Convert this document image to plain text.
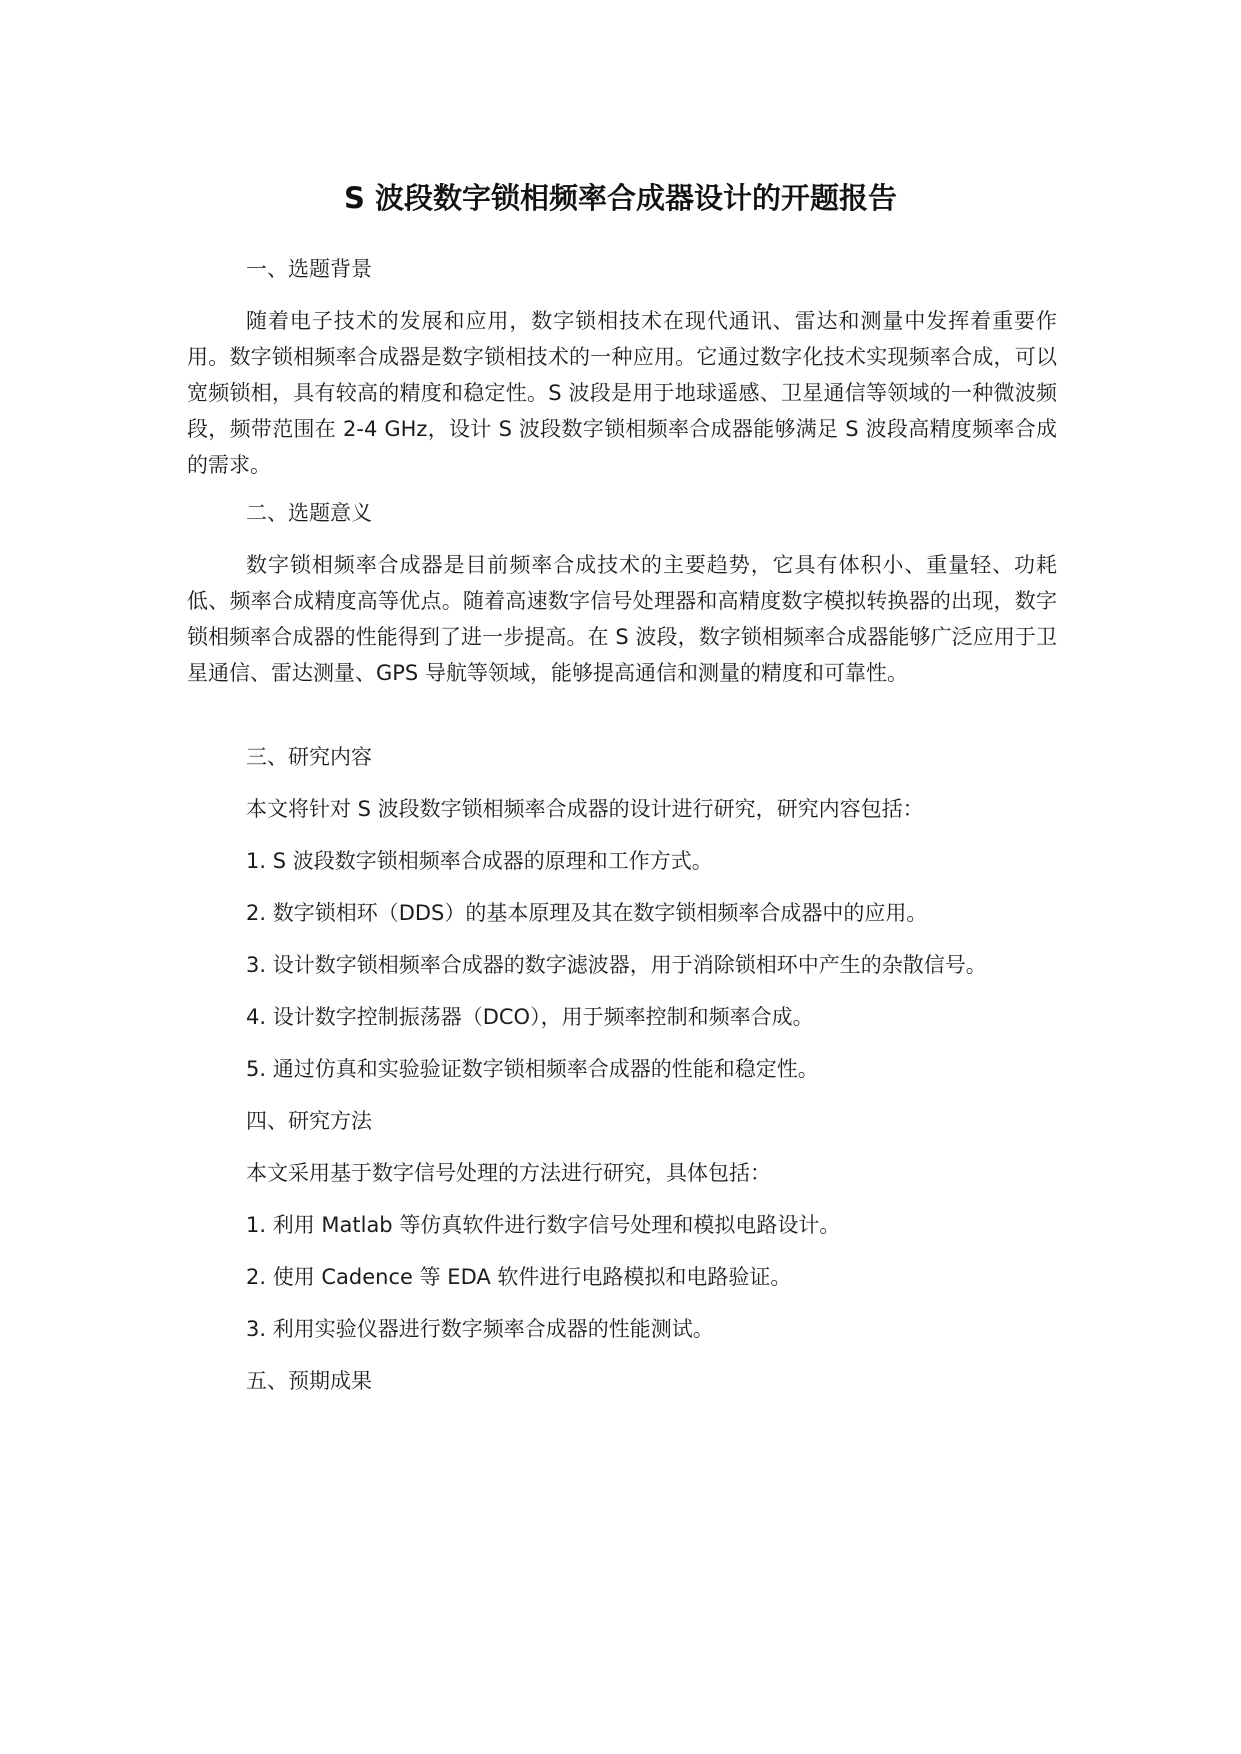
S 波段数字锁相频率合成器设计的开题报告
一、选题背景

随着电子技术的发展和应用，数字锁相技术在现代通讯、雷达和测量中发挥着重要作用。数字锁相频率合成器是数字锁相技术的一种应用。它通过数字化技术实现频率合成，可以宽频锁相，具有较高的精度和稳定性。S 波段是用于地球遥感、卫星通信等领域的一种微波频段，频带范围在 2-4 GHz，设计 S 波段数字锁相频率合成器能够满足 S 波段高精度频率合成的需求。

二、选题意义

数字锁相频率合成器是目前频率合成技术的主要趋势，它具有体积小、重量轻、功耗低、频率合成精度高等优点。随着高速数字信号处理器和高精度数字模拟转换器的出现，数字锁相频率合成器的性能得到了进一步提高。在 S 波段，数字锁相频率合成器能够广泛应用于卫星通信、雷达测量、GPS 导航等领域，能够提高通信和测量的精度和可靠性。

三、研究内容
本文将针对 S 波段数字锁相频率合成器的设计进行研究，研究内容包括：
1. S 波段数字锁相频率合成器的原理和工作方式。
2. 数字锁相环（DDS）的基本原理及其在数字锁相频率合成器中的应用。
3. 设计数字锁相频率合成器的数字滤波器，用于消除锁相环中产生的杂散信号。
4. 设计数字控制振荡器（DCO），用于频率控制和频率合成。
5. 通过仿真和实验验证数字锁相频率合成器的性能和稳定性。
四、研究方法
本文采用基于数字信号处理的方法进行研究，具体包括：
1. 利用 Matlab 等仿真软件进行数字信号处理和模拟电路设计。
2. 使用 Cadence 等 EDA 软件进行电路模拟和电路验证。
3. 利用实验仪器进行数字频率合成器的性能测试。
五、预期成果
